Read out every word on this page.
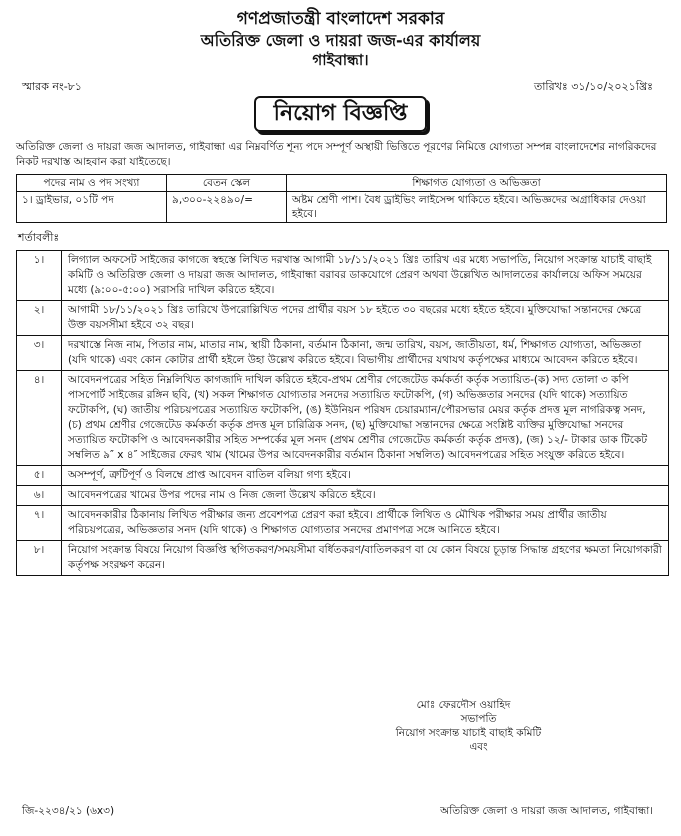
গণপ্রজাতন্ত্রী বাংলাদেশ সরকার
অতিরিক্ত জেলা ও দায়রা জজ-এর কার্যালয়
গাইবান্ধা।
স্মারক নং-৮১	তারিখঃ ৩১/১০/২০২১খ্রিঃ
নিয়োগ বিজ্ঞপ্তি
অতিরিক্ত জেলা ও দায়রা জজ আদালত, গাইবান্ধা এর নিম্নবর্ণিত শূন্য পদে সম্পূর্ণ অস্থায়ী ভিত্তিতে পূরণের নিমিত্তে যোগ্যতা সম্পন্ন বাংলাদেশের নাগরিকদের নিকট দরখাস্ত আহবান করা যাইতেছে।
পদের নাম ও পদ সংখ্যা	বেতন স্কেল	শিক্ষাগত যোগ্যতা ও অভিজ্ঞতা
১। ড্রাইভার, ০১টি পদ	৯,৩০০-২২৪৯০/=	অষ্টম শ্রেণী পাশ। বৈধ ড্রাইভিং লাইসেন্স থাকিতে হইবে। অভিজ্ঞদের অগ্রাধিকার দেওয়া হইবে।
শর্তাবলীঃ
১।	লিগ্যাল অফসেট সাইজের কাগজে স্বহস্তে লিখিত দরখাস্ত আগামী ১৮/১১/২০২১ খ্রিঃ তারিখ এর মধ্যে সভাপতি, নিয়োগ সংক্রান্ত যাচাই বাছাই কমিটি ও অতিরিক্ত জেলা ও দায়রা জজ আদালত, গাইবান্ধা বরাবর ডাকযোগে প্রেরণ অথবা উল্লেখিত আদালতের কার্যালয়ে অফিস সময়ের মধ্যে (৯:০০-৫:০০) সরাসরি দাখিল করিতে হইবে।
২।	আগামী ১৮/১১/২০২১ খ্রিঃ তারিখে উপরোল্লিখিত পদের প্রার্থীর বয়স ১৮ হইতে ৩০ বছরের মধ্যে হইতে হইবে। মুক্তিযোদ্ধা সন্তানদের ক্ষেত্রে উক্ত বয়সসীমা হইবে ৩২ বছর।
৩।	দরখাস্তে নিজ নাম, পিতার নাম, মাতার নাম, স্থায়ী ঠিকানা, বর্তমান ঠিকানা, জন্ম তারিখ, বয়স, জাতীয়তা, ধর্ম, শিক্ষাগত যোগ্যতা, অভিজ্ঞতা (যদি থাকে) এবং কোন কোটার প্রার্থী হইলে উহা উল্লেখ করিতে হইবে। বিভাগীয় প্রার্থীদের যথাযথ কর্তৃপক্ষের মাধ্যমে আবেদন করিতে হইবে।
৪।	আবেদনপত্রের সহিত নিম্নলিখিত কাগজাদি দাখিল করিতে হইবে-প্রথম শ্রেণীর গেজেটেড কর্মকর্তা কর্তৃক সত্যায়িত-(ক) সদ্য তোলা ৩ কপি পাসপোর্ট সাইজের রঙ্গিন ছবি, (খ) সকল শিক্ষাগত যোগ্যতার সনদের সত্যায়িত ফটোকপি, (গ) অভিজ্ঞতার সনদের (যদি থাকে) সত্যায়িত ফটোকপি, (ঘ) জাতীয় পরিচয়পত্রের সত্যায়িত ফটোকপি, (ঙ) ইউনিয়ন পরিষদ চেয়ারম্যান/পৌরসভার মেয়র কর্তৃক প্রদত্ত মূল নাগরিকত্ব সনদ, (চ) প্রথম শ্রেণীর গেজেটেড কর্মকর্তা কর্তৃক প্রদত্ত মূল চারিত্রিক সনদ, (ছ) মুক্তিযোদ্ধা সন্তানদের ক্ষেত্রে সংশ্লিষ্ট ব্যক্তির মুক্তিযোদ্ধা সনদের সত্যায়িত ফটোকপি ও আবেদনকারীর সহিত সম্পর্কের মূল সনদ (প্রথম শ্রেণীর গেজেটেড কর্মকর্তা কর্তৃক প্রদত্ত), (জ) ১২/- টাকার ডাক টিকেট সম্বলিত ৯″ x ৪″ সাইজের ফেরৎ খাম (খামের উপর আবেদনকারীর বর্তমান ঠিকানা সম্বলিত) আবেদনপত্রের সহিত সংযুক্ত করিতে হইবে।
৫।	অসম্পূর্ণ, ত্রুটিপূর্ণ ও বিলম্বে প্রাপ্ত আবেদন বাতিল বলিয়া গণ্য হইবে।
৬।	আবেদনপত্রের খামের উপর পদের নাম ও নিজ জেলা উল্লেখ করিতে হইবে।
৭।	আবেদনকারীর ঠিকানায় লিখিত পরীক্ষার জন্য প্রবেশপত্র প্রেরণ করা হইবে। প্রার্থীকে লিখিত ও মৌখিক পরীক্ষার সময় প্রার্থীর জাতীয় পরিচয়পত্রের, অভিজ্ঞতার সনদ (যদি থাকে) ও শিক্ষাগত যোগ্যতার সনদের প্রমাণপত্র সঙ্গে আনিতে হইবে।
৮।	নিয়োগ সংক্রান্ত বিষয়ে নিয়োগ বিজ্ঞপ্তি স্থগিতকরণ/সময়সীমা বর্ধিতকরণ/বাতিলকরণ বা যে কোন বিষয়ে চূড়ান্ত সিদ্ধান্ত গ্রহণের ক্ষমতা নিয়োগকারী কর্তৃপক্ষ সংরক্ষণ করেন।
মোঃ ফেরদৌস ওয়াহিদ
সভাপতি
নিয়োগ সংক্রান্ত যাচাই বাছাই কমিটি
এবং
জি-২২৩৪/২১ (৬x৩)	অতিরিক্ত জেলা ও দায়রা জজ আদালত, গাইবান্ধা।
